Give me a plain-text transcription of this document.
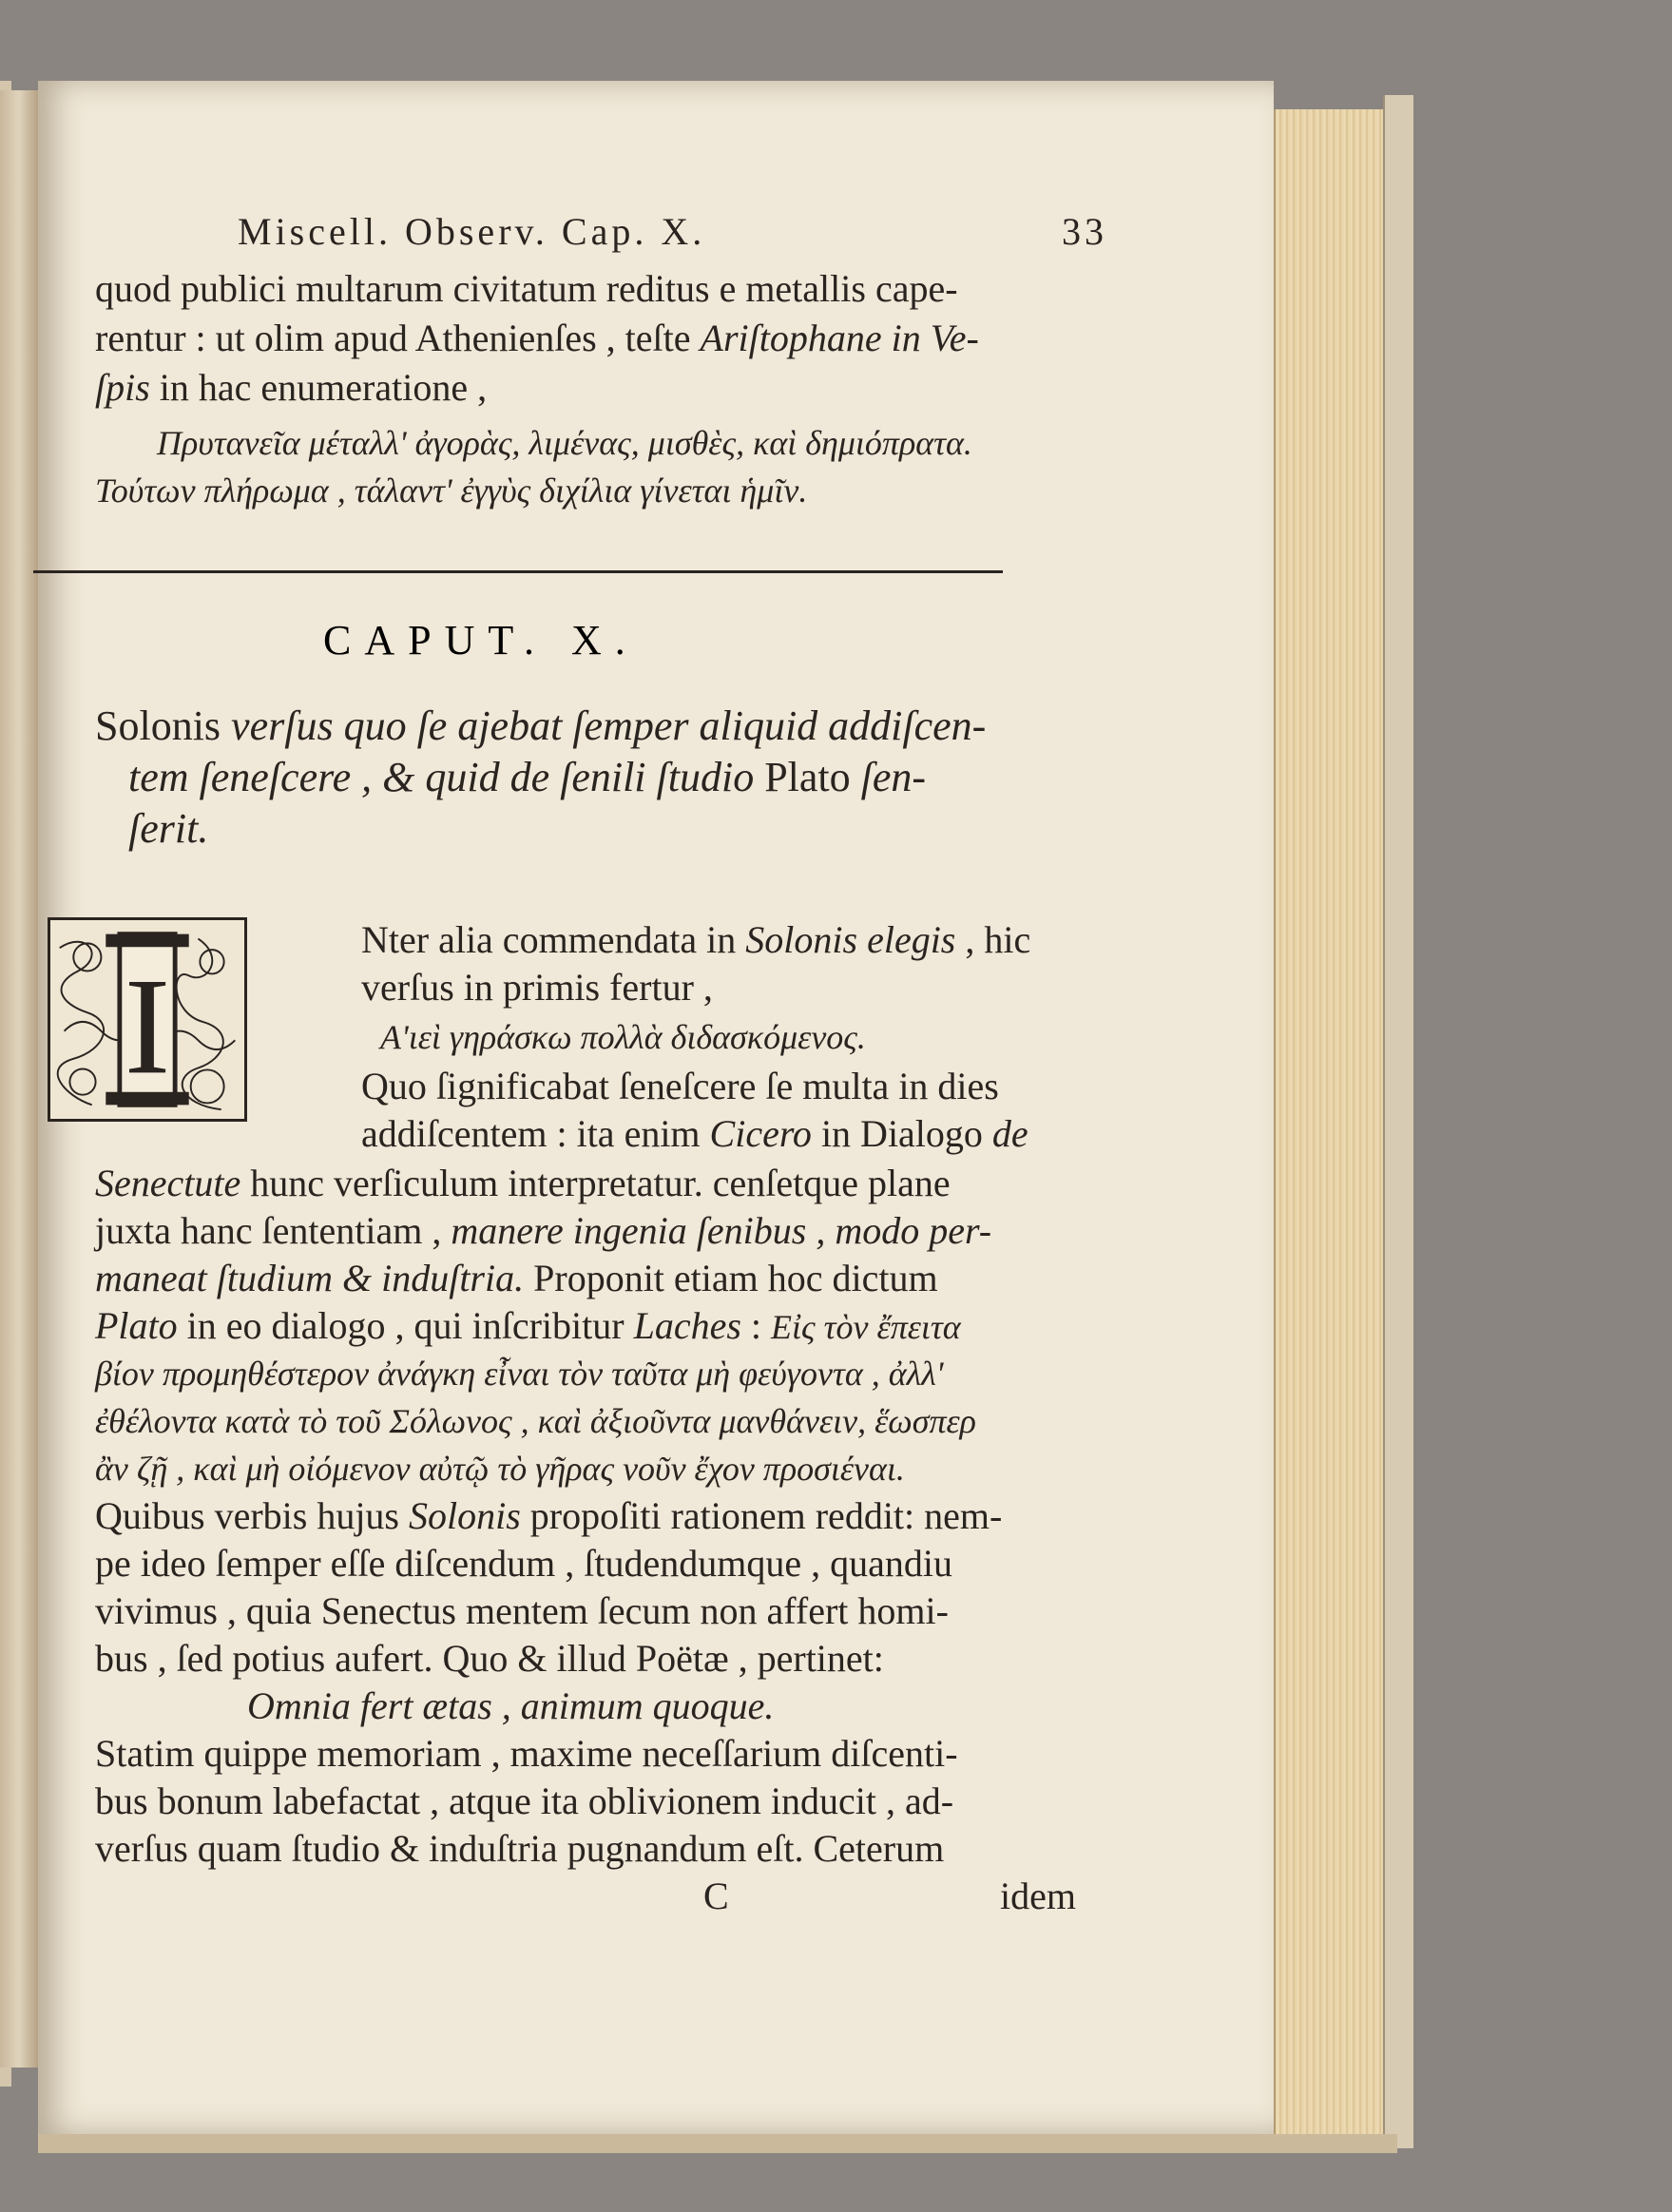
Miscell. Observ. Cap. X.	33
quod publici multarum civitatum reditus e metallis cape-
rentur : ut olim apud Athenienſes , teſte Ariſtophane in Ve-
ſpis in hac enumeratione ,
Πρυτανεῖα μέταλλ' ἀγορὰς, λιμένας, μισθὲς, καὶ δημιόπρατα.
Τούτων πλήρωμα , τάλαντ' ἐγγὺς διχίλια γίνεται ἡμῖν.
CAPUT. X.
Solonis verſus quo ſe ajebat ſemper aliquid addiſcen-
tem ſeneſcere , & quid de ſenili ſtudio Plato ſen-
ſerit.
I
Nter alia commendata in Solonis elegis , hic
verſus in primis fertur ,
Α'ιεὶ γηράσκω πολλὰ διδασκόμενος.
Quo ſignificabat ſeneſcere ſe multa in dies
addiſcentem : ita enim Cicero in Dialogo de
Senectute hunc verſiculum interpretatur. cenſetque plane
juxta hanc ſententiam , manere ingenia ſenibus , modo per-
maneat ſtudium & induſtria. Proponit etiam hoc dictum
Plato in eo dialogo , qui inſcribitur Laches : Εἰς τὸν ἔπειτα
βίον προμηθέστερον ἀνάγκη εἶναι τὸν ταῦτα μὴ φεύγοντα , ἀλλ'
ἐθέλοντα κατὰ τὸ τοῦ Σόλωνος , καὶ ἀξιοῦντα μανθάνειν, ἕωσπερ
ἂν ζῇ , καὶ μὴ οἰόμενον αὐτῷ τὸ γῆρας νοῦν ἔχον προσιέναι.
Quibus verbis hujus Solonis propoſiti rationem reddit: nem-
pe ideo ſemper eſſe diſcendum , ſtudendumque , quandiu
vivimus , quia Senectus mentem ſecum non affert homi-
bus , ſed potius aufert. Quo & illud Poëtæ , pertinet:
Omnia fert ætas , animum quoque.
Statim quippe memoriam , maxime neceſſarium diſcenti-
bus bonum labefactat , atque ita oblivionem inducit , ad-
verſus quam ſtudio & induſtria pugnandum eſt. Ceterum
C	idem
